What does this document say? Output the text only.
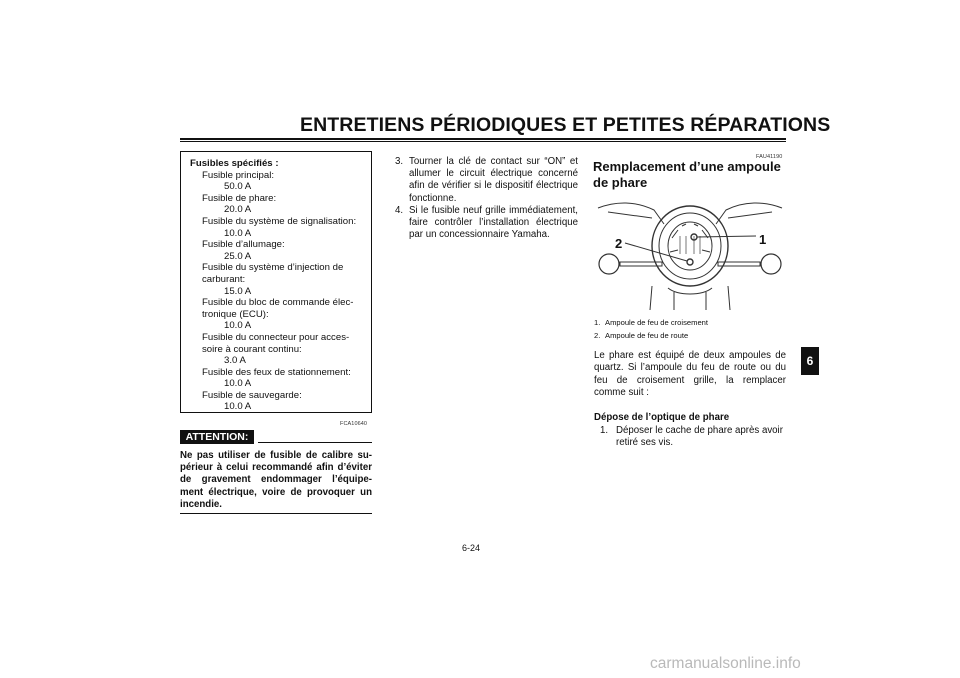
ENTRETIENS PÉRIODIQUES ET PETITES RÉPARATIONS
Fusibles spécifiés :
Fusible principal:
50.0 A
Fusible de phare:
20.0 A
Fusible du système de signalisation:
10.0 A
Fusible d’allumage:
25.0 A
Fusible du système d’injection de carburant:
15.0 A
Fusible du bloc de commande élec-tronique (ECU):
10.0 A
Fusible du connecteur pour acces-soire à courant continu:
3.0 A
Fusible des feux de stationnement:
10.0 A
Fusible de sauvegarde:
10.0 A
FCA10640
ATTENTION:
Ne pas utiliser de fusible de calibre su-périeur à celui recommandé afin d’éviter de gravement endommager l’équipe-ment électrique, voire de provoquer un incendie.
3. Tourner la clé de contact sur “ON” et allumer le circuit électrique concerné afin de vérifier si le dispositif électrique fonctionne.
4. Si le fusible neuf grille immédiatement, faire contrôler l’installation électrique par un concessionnaire Yamaha.
FAU41190
Remplacement d’une ampoule de phare
1
2
1. Ampoule de feu de croisement
2. Ampoule de feu de route
Le phare est équipé de deux ampoules de quartz. Si l’ampoule du feu de route ou du feu de croisement grille, la remplacer comme suit :
Dépose de l’optique de phare
1. Déposer le cache de phare après avoir retiré ses vis.
6
6-24
carmanualsonline.info
